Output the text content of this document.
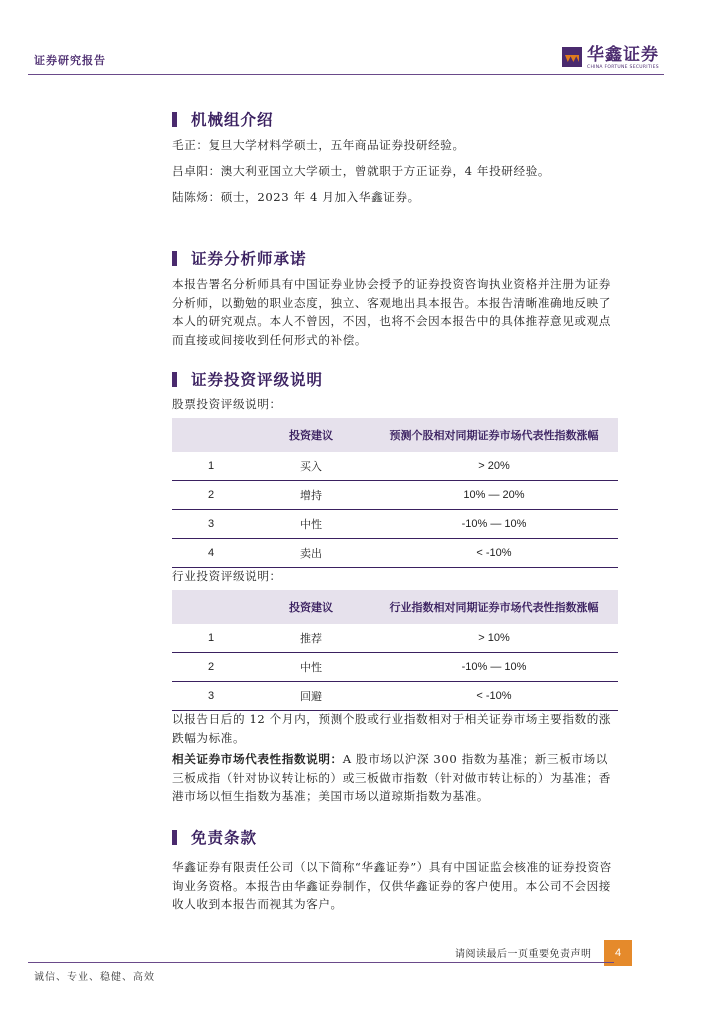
证券研究报告	华鑫证券
CHINA FORTUNE SECURITIES
机械组介绍
毛正：复旦大学材料学硕士，五年商品证券投研经验。
吕卓阳：澳大利亚国立大学硕士，曾就职于方正证券，4 年投研经验。
陆陈炀：硕士，2023 年 4 月加入华鑫证券。
证券分析师承诺
本报告署名分析师具有中国证券业协会授予的证券投资咨询执业资格并注册为证券分析师，以勤勉的职业态度，独立、客观地出具本报告。本报告清晰准确地反映了本人的研究观点。本人不曾因，不因，也将不会因本报告中的具体推荐意见或观点而直接或间接收到任何形式的补偿。
证券投资评级说明
股票投资评级说明：
	投资建议	预测个股相对同期证券市场代表性指数涨幅
1	买入	> 20%
2	增持	10% — 20%
3	中性	-10% — 10%
4	卖出	< -10%
行业投资评级说明：
	投资建议	行业指数相对同期证券市场代表性指数涨幅
1	推荐	> 10%
2	中性	-10% — 10%
3	回避	< -10%
以报告日后的 12 个月内，预测个股或行业指数相对于相关证券市场主要指数的涨跌幅为标准。
相关证券市场代表性指数说明：A 股市场以沪深 300 指数为基准；新三板市场以三板成指（针对协议转让标的）或三板做市指数（针对做市转让标的）为基准；香港市场以恒生指数为基准；美国市场以道琼斯指数为基准。
免责条款
华鑫证券有限责任公司（以下简称“华鑫证券”）具有中国证监会核准的证券投资咨询业务资格。本报告由华鑫证券制作，仅供华鑫证券的客户使用。本公司不会因接收人收到本报告而视其为客户。
请阅读最后一页重要免责声明	4
诚信、专业、稳健、高效
